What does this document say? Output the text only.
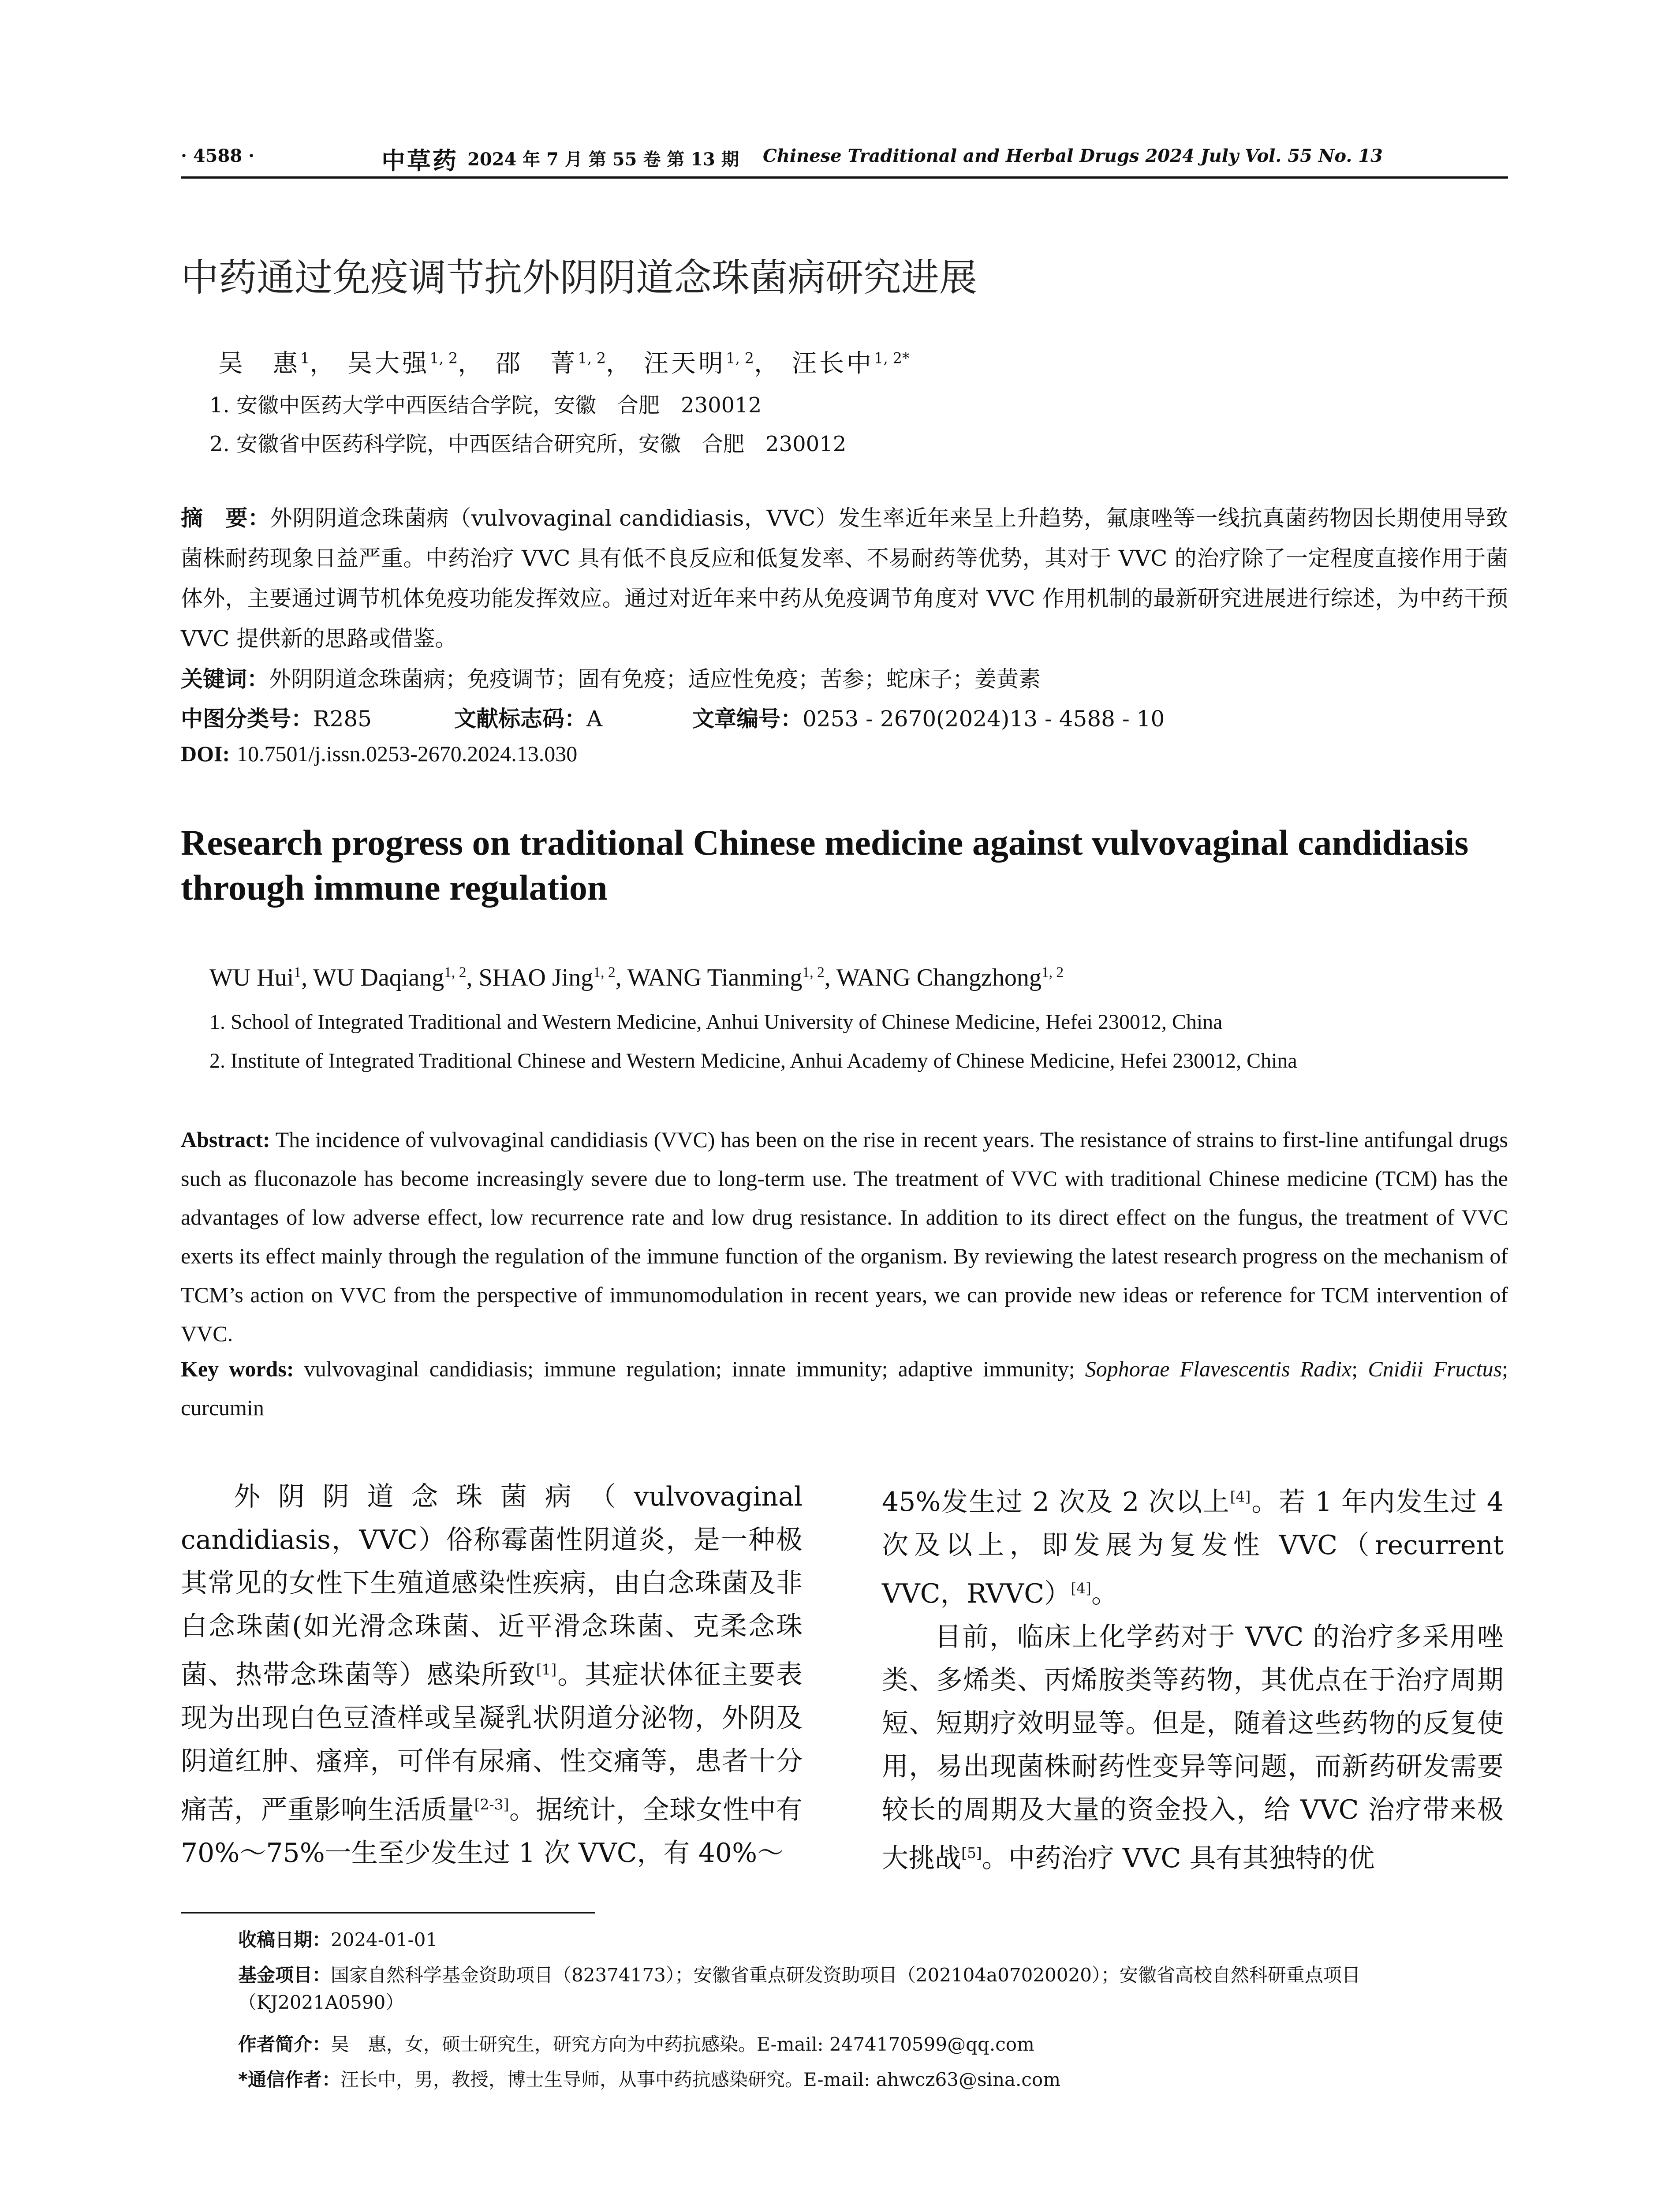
· 4588 ·	中草药 2024 年 7 月 第 55 卷 第 13 期 Chinese Traditional and Herbal Drugs 2024 July Vol. 55 No. 13
中药通过免疫调节抗外阴阴道念珠菌病研究进展
吴　惠$^1$， 吴大强$^{1, 2}$， 邵　菁$^{1, 2}$， 汪天明$^{1, 2}$， 汪长中$^{1, 2*}$
1. 安徽中医药大学中西医结合学院，安徽　合肥　230012
2. 安徽省中医药科学院，中西医结合研究所，安徽　合肥　230012
摘　要：外阴阴道念珠菌病（vulvovaginal candidiasis，VVC）发生率近年来呈上升趋势，氟康唑等一线抗真菌药物因长期使用导致菌株耐药现象日益严重。中药治疗 VVC 具有低不良反应和低复发率、不易耐药等优势，其对于 VVC 的治疗除了一定程度直接作用于菌体外，主要通过调节机体免疫功能发挥效应。通过对近年来中药从免疫调节角度对 VVC 作用机制的最新研究进展进行综述，为中药干预 VVC 提供新的思路或借鉴。
关键词：外阴阴道念珠菌病；免疫调节；固有免疫；适应性免疫；苦参；蛇床子；姜黄素
中图分类号：R285	文献标志码：A	文章编号：0253 - 2670(2024)13 - 4588 - 10
DOI: 10.7501/j.issn.0253-2670.2024.13.030
Research progress on traditional Chinese medicine against vulvovaginal candidiasis through immune regulation
WU Hui$^1$, WU Daqiang$^{1, 2}$, SHAO Jing$^{1, 2}$, WANG Tianming$^{1, 2}$, WANG Changzhong$^{1, 2}$
1. School of Integrated Traditional and Western Medicine, Anhui University of Chinese Medicine, Hefei 230012, China
2. Institute of Integrated Traditional Chinese and Western Medicine, Anhui Academy of Chinese Medicine, Hefei 230012, China
Abstract: The incidence of vulvovaginal candidiasis (VVC) has been on the rise in recent years. The resistance of strains to first-line antifungal drugs such as fluconazole has become increasingly severe due to long-term use. The treatment of VVC with traditional Chinese medicine (TCM) has the advantages of low adverse effect, low recurrence rate and low drug resistance. In addition to its direct effect on the fungus, the treatment of VVC exerts its effect mainly through the regulation of the immune function of the organism. By reviewing the latest research progress on the mechanism of TCM’s action on VVC from the perspective of immunomodulation in recent years, we can provide new ideas or reference for TCM intervention of VVC.
Key words: vulvovaginal candidiasis; immune regulation; innate immunity; adaptive immunity; Sophorae Flavescentis Radix; Cnidii Fructus; curcumin

外阴阴道念珠菌病（vulvovaginal candidiasis，VVC）俗称霉菌性阴道炎，是一种极其常见的女性下生殖道感染性疾病，由白念珠菌及非白念珠菌(如光滑念珠菌、近平滑念珠菌、克柔念珠菌、热带念珠菌等）感染所致[1]。其症状体征主要表现为出现白色豆渣样或呈凝乳状阴道分泌物，外阴及阴道红肿、瘙痒，可伴有尿痛、性交痛等，患者十分痛苦，严重影响生活质量[2-3]。据统计，全球女性中有 70%～75%一生至少发生过 1 次 VVC，有 40%～

45%发生过 2 次及 2 次以上[4]。若 1 年内发生过 4 次及以上，即发展为复发性 VVC（recurrent VVC，RVVC）[4]。

目前，临床上化学药对于 VVC 的治疗多采用唑类、多烯类、丙烯胺类等药物，其优点在于治疗周期短、短期疗效明显等。但是，随着这些药物的反复使用，易出现菌株耐药性变异等问题，而新药研发需要较长的周期及大量的资金投入，给 VVC 治疗带来极大挑战[5]。中药治疗 VVC 具有其独特的优

收稿日期：2024-01-01
基金项目：国家自然科学基金资助项目（82374173）；安徽省重点研发资助项目（202104a07020020）；安徽省高校自然科研重点项目（KJ2021A0590）
作者简介：吴　惠，女，硕士研究生，研究方向为中药抗感染。E-mail: 2474170599@qq.com
*通信作者：汪长中，男，教授，博士生导师，从事中药抗感染研究。E-mail: ahwcz63@sina.com
